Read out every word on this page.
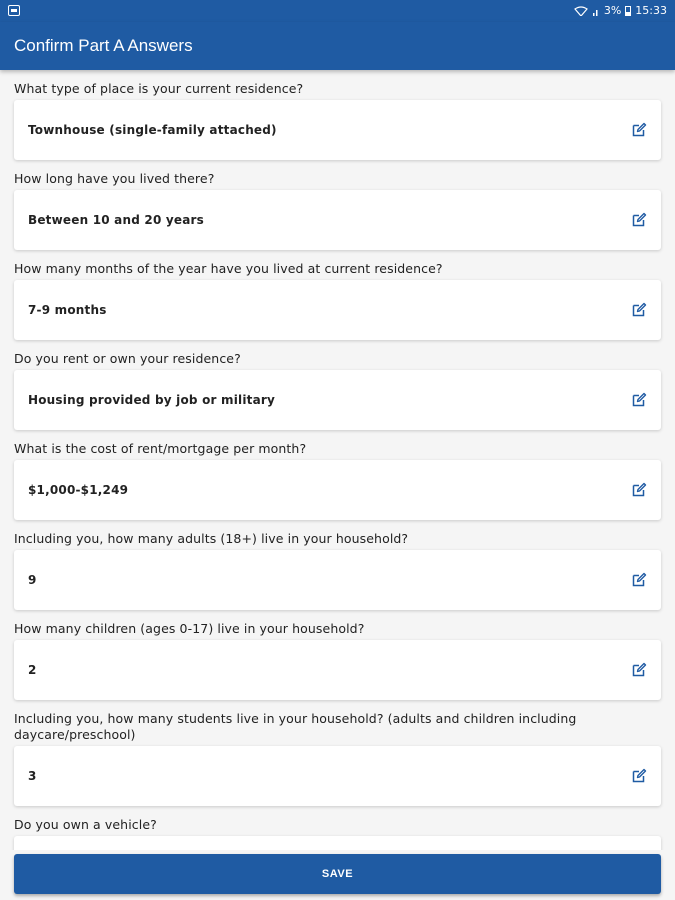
3% 15:33
Confirm Part A Answers
What type of place is your current residence?
Townhouse (single-family attached)
How long have you lived there?
Between 10 and 20 years
How many months of the year have you lived at current residence?
7-9 months
Do you rent or own your residence?
Housing provided by job or military
What is the cost of rent/mortgage per month?
$1,000-$1,249
Including you, how many adults (18+) live in your household?
9
How many children (ages 0-17) live in your household?
2
Including you, how many students live in your household? (adults and children including daycare/preschool)
3
Do you own a vehicle?
SAVE
